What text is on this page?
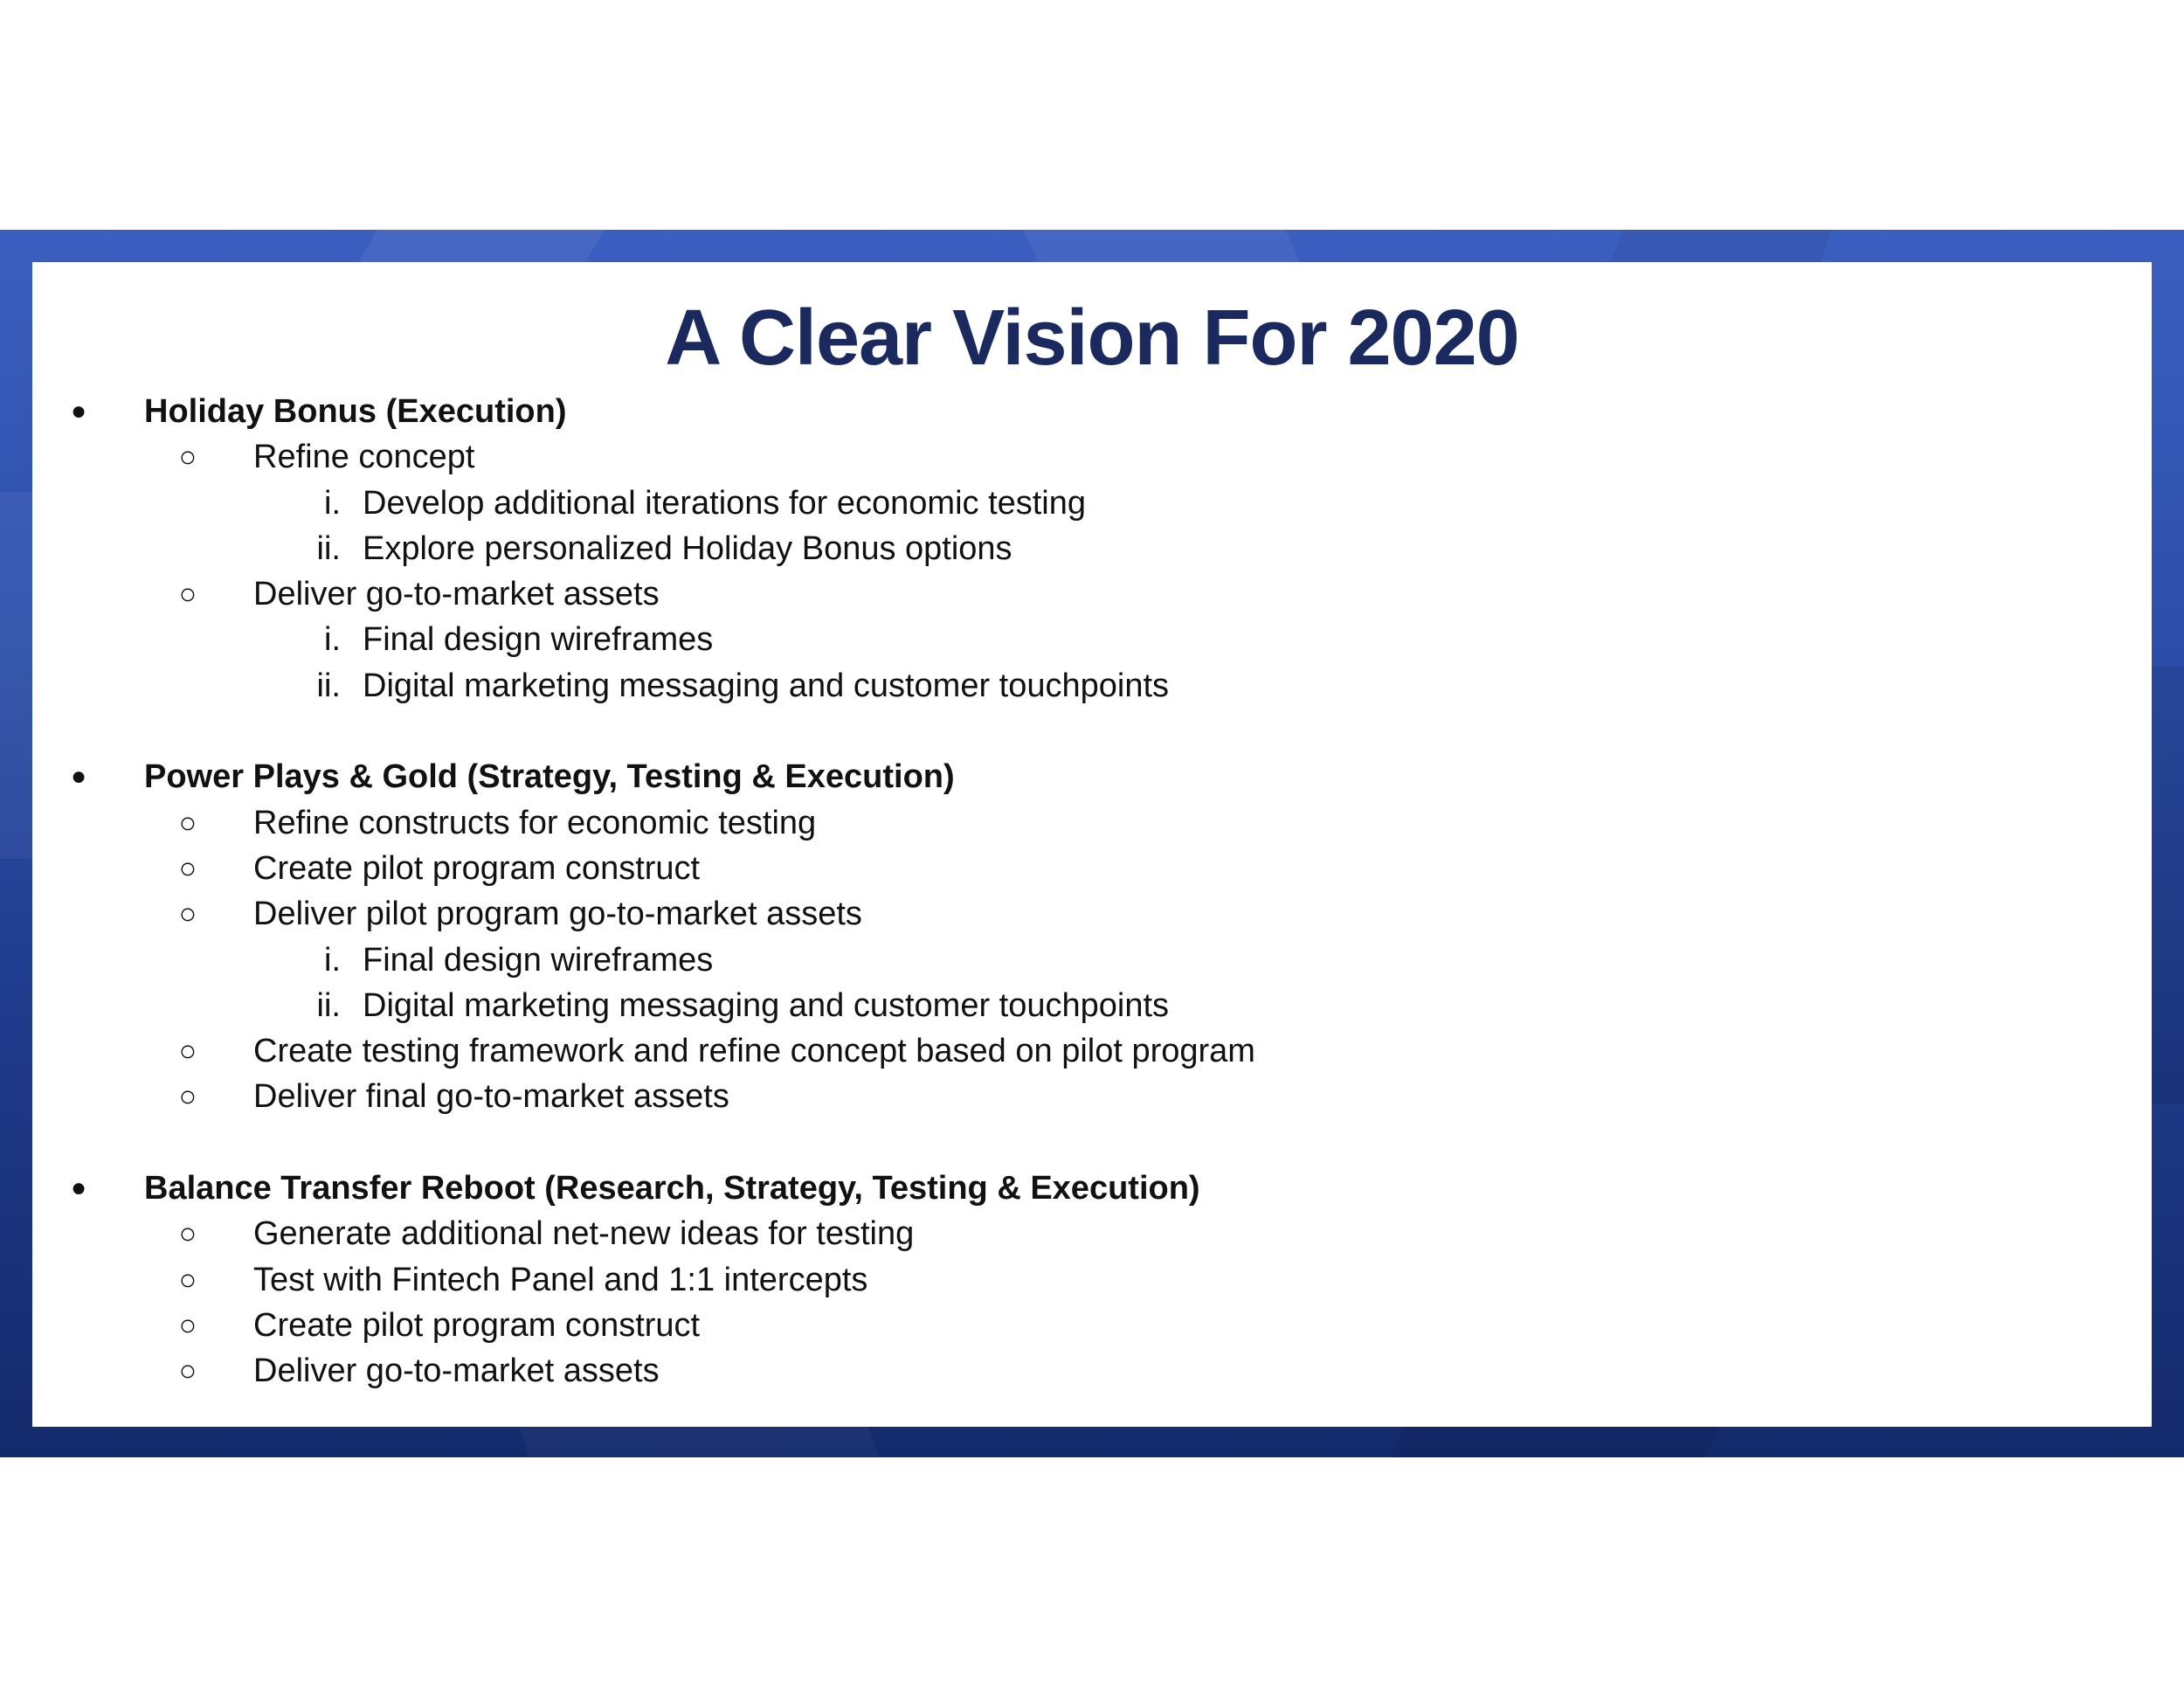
A Clear Vision For 2020
● Holiday Bonus (Execution)
○ Refine concept
i. Develop additional iterations for economic testing
ii. Explore personalized Holiday Bonus options
○ Deliver go-to-market assets
i. Final design wireframes
ii. Digital marketing messaging and customer touchpoints
● Power Plays & Gold (Strategy, Testing & Execution)
○ Refine constructs for economic testing
○ Create pilot program construct
○ Deliver pilot program go-to-market assets
i. Final design wireframes
ii. Digital marketing messaging and customer touchpoints
○ Create testing framework and refine concept based on pilot program
○ Deliver final go-to-market assets
● Balance Transfer Reboot (Research, Strategy, Testing & Execution)
○ Generate additional net-new ideas for testing
○ Test with Fintech Panel and 1:1 intercepts
○ Create pilot program construct
○ Deliver go-to-market assets
